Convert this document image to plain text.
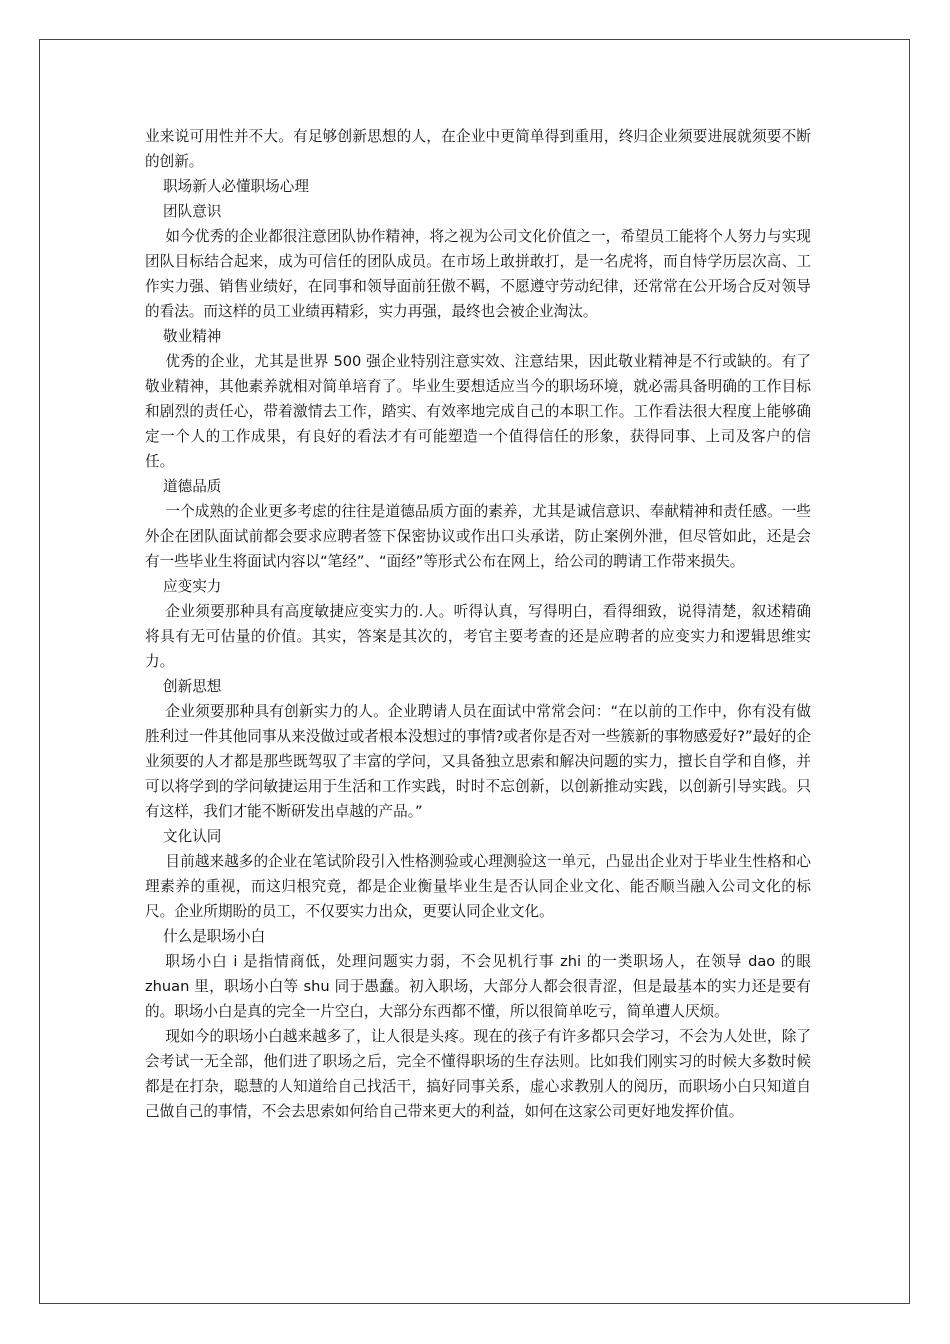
业来说可用性并不大。有足够创新思想的人，在企业中更简单得到重用，终归企业须要进展就须要不断的创新。

职场新人必懂职场心理

团队意识

如今优秀的企业都很注意团队协作精神，将之视为公司文化价值之一，希望员工能将个人努力与实现团队目标结合起来，成为可信任的团队成员。在市场上敢拼敢打，是一名虎将，而自恃学历层次高、工作实力强、销售业绩好，在同事和领导面前狂傲不羁，不愿遵守劳动纪律，还常常在公开场合反对领导的看法。而这样的员工业绩再精彩，实力再强，最终也会被企业淘汰。

敬业精神

优秀的企业，尤其是世界 500 强企业特别注意实效、注意结果，因此敬业精神是不行或缺的。有了敬业精神，其他素养就相对简单培育了。毕业生要想适应当今的职场环境，就必需具备明确的工作目标和剧烈的责任心，带着激情去工作，踏实、有效率地完成自己的本职工作。工作看法很大程度上能够确定一个人的工作成果，有良好的看法才有可能塑造一个值得信任的形象，获得同事、上司及客户的信任。

道德品质

一个成熟的企业更多考虑的往往是道德品质方面的素养，尤其是诚信意识、奉献精神和责任感。一些外企在团队面试前都会要求应聘者签下保密协议或作出口头承诺，防止案例外泄，但尽管如此，还是会有一些毕业生将面试内容以“笔经”、“面经”等形式公布在网上，给公司的聘请工作带来损失。

应变实力

企业须要那种具有高度敏捷应变实力的.人。听得认真，写得明白，看得细致，说得清楚，叙述精确将具有无可估量的价值。其实，答案是其次的，考官主要考查的还是应聘者的应变实力和逻辑思维实力。

创新思想

企业须要那种具有创新实力的人。企业聘请人员在面试中常常会问：“在以前的工作中，你有没有做胜利过一件其他同事从来没做过或者根本没想过的事情?或者你是否对一些簇新的事物感爱好?”最好的企业须要的人才都是那些既驾驭了丰富的学问，又具备独立思索和解决问题的实力，擅长自学和自修，并可以将学到的学问敏捷运用于生活和工作实践，时时不忘创新，以创新推动实践，以创新引导实践。只有这样，我们才能不断研发出卓越的产品。”

文化认同

目前越来越多的企业在笔试阶段引入性格测验或心理测验这一单元，凸显出企业对于毕业生性格和心理素养的重视，而这归根究竟，都是企业衡量毕业生是否认同企业文化、能否顺当融入公司文化的标尺。企业所期盼的员工，不仅要实力出众，更要认同企业文化。

什么是职场小白

职场小白 i 是指情商低，处理问题实力弱，不会见机行事 zhi 的一类职场人，在领导 dao 的眼 zhuan 里，职场小白等 shu 同于愚蠢。初入职场，大部分人都会很青涩，但是最基本的实力还是要有的。职场小白是真的完全一片空白，大部分东西都不懂，所以很简单吃亏，简单遭人厌烦。

现如今的职场小白越来越多了，让人很是头疼。现在的孩子有许多都只会学习，不会为人处世，除了会考试一无全部，他们进了职场之后，完全不懂得职场的生存法则。比如我们刚实习的时候大多数时候都是在打杂，聪慧的人知道给自己找活干，搞好同事关系，虚心求教别人的阅历，而职场小白只知道自己做自己的事情，不会去思索如何给自己带来更大的利益，如何在这家公司更好地发挥价值。
